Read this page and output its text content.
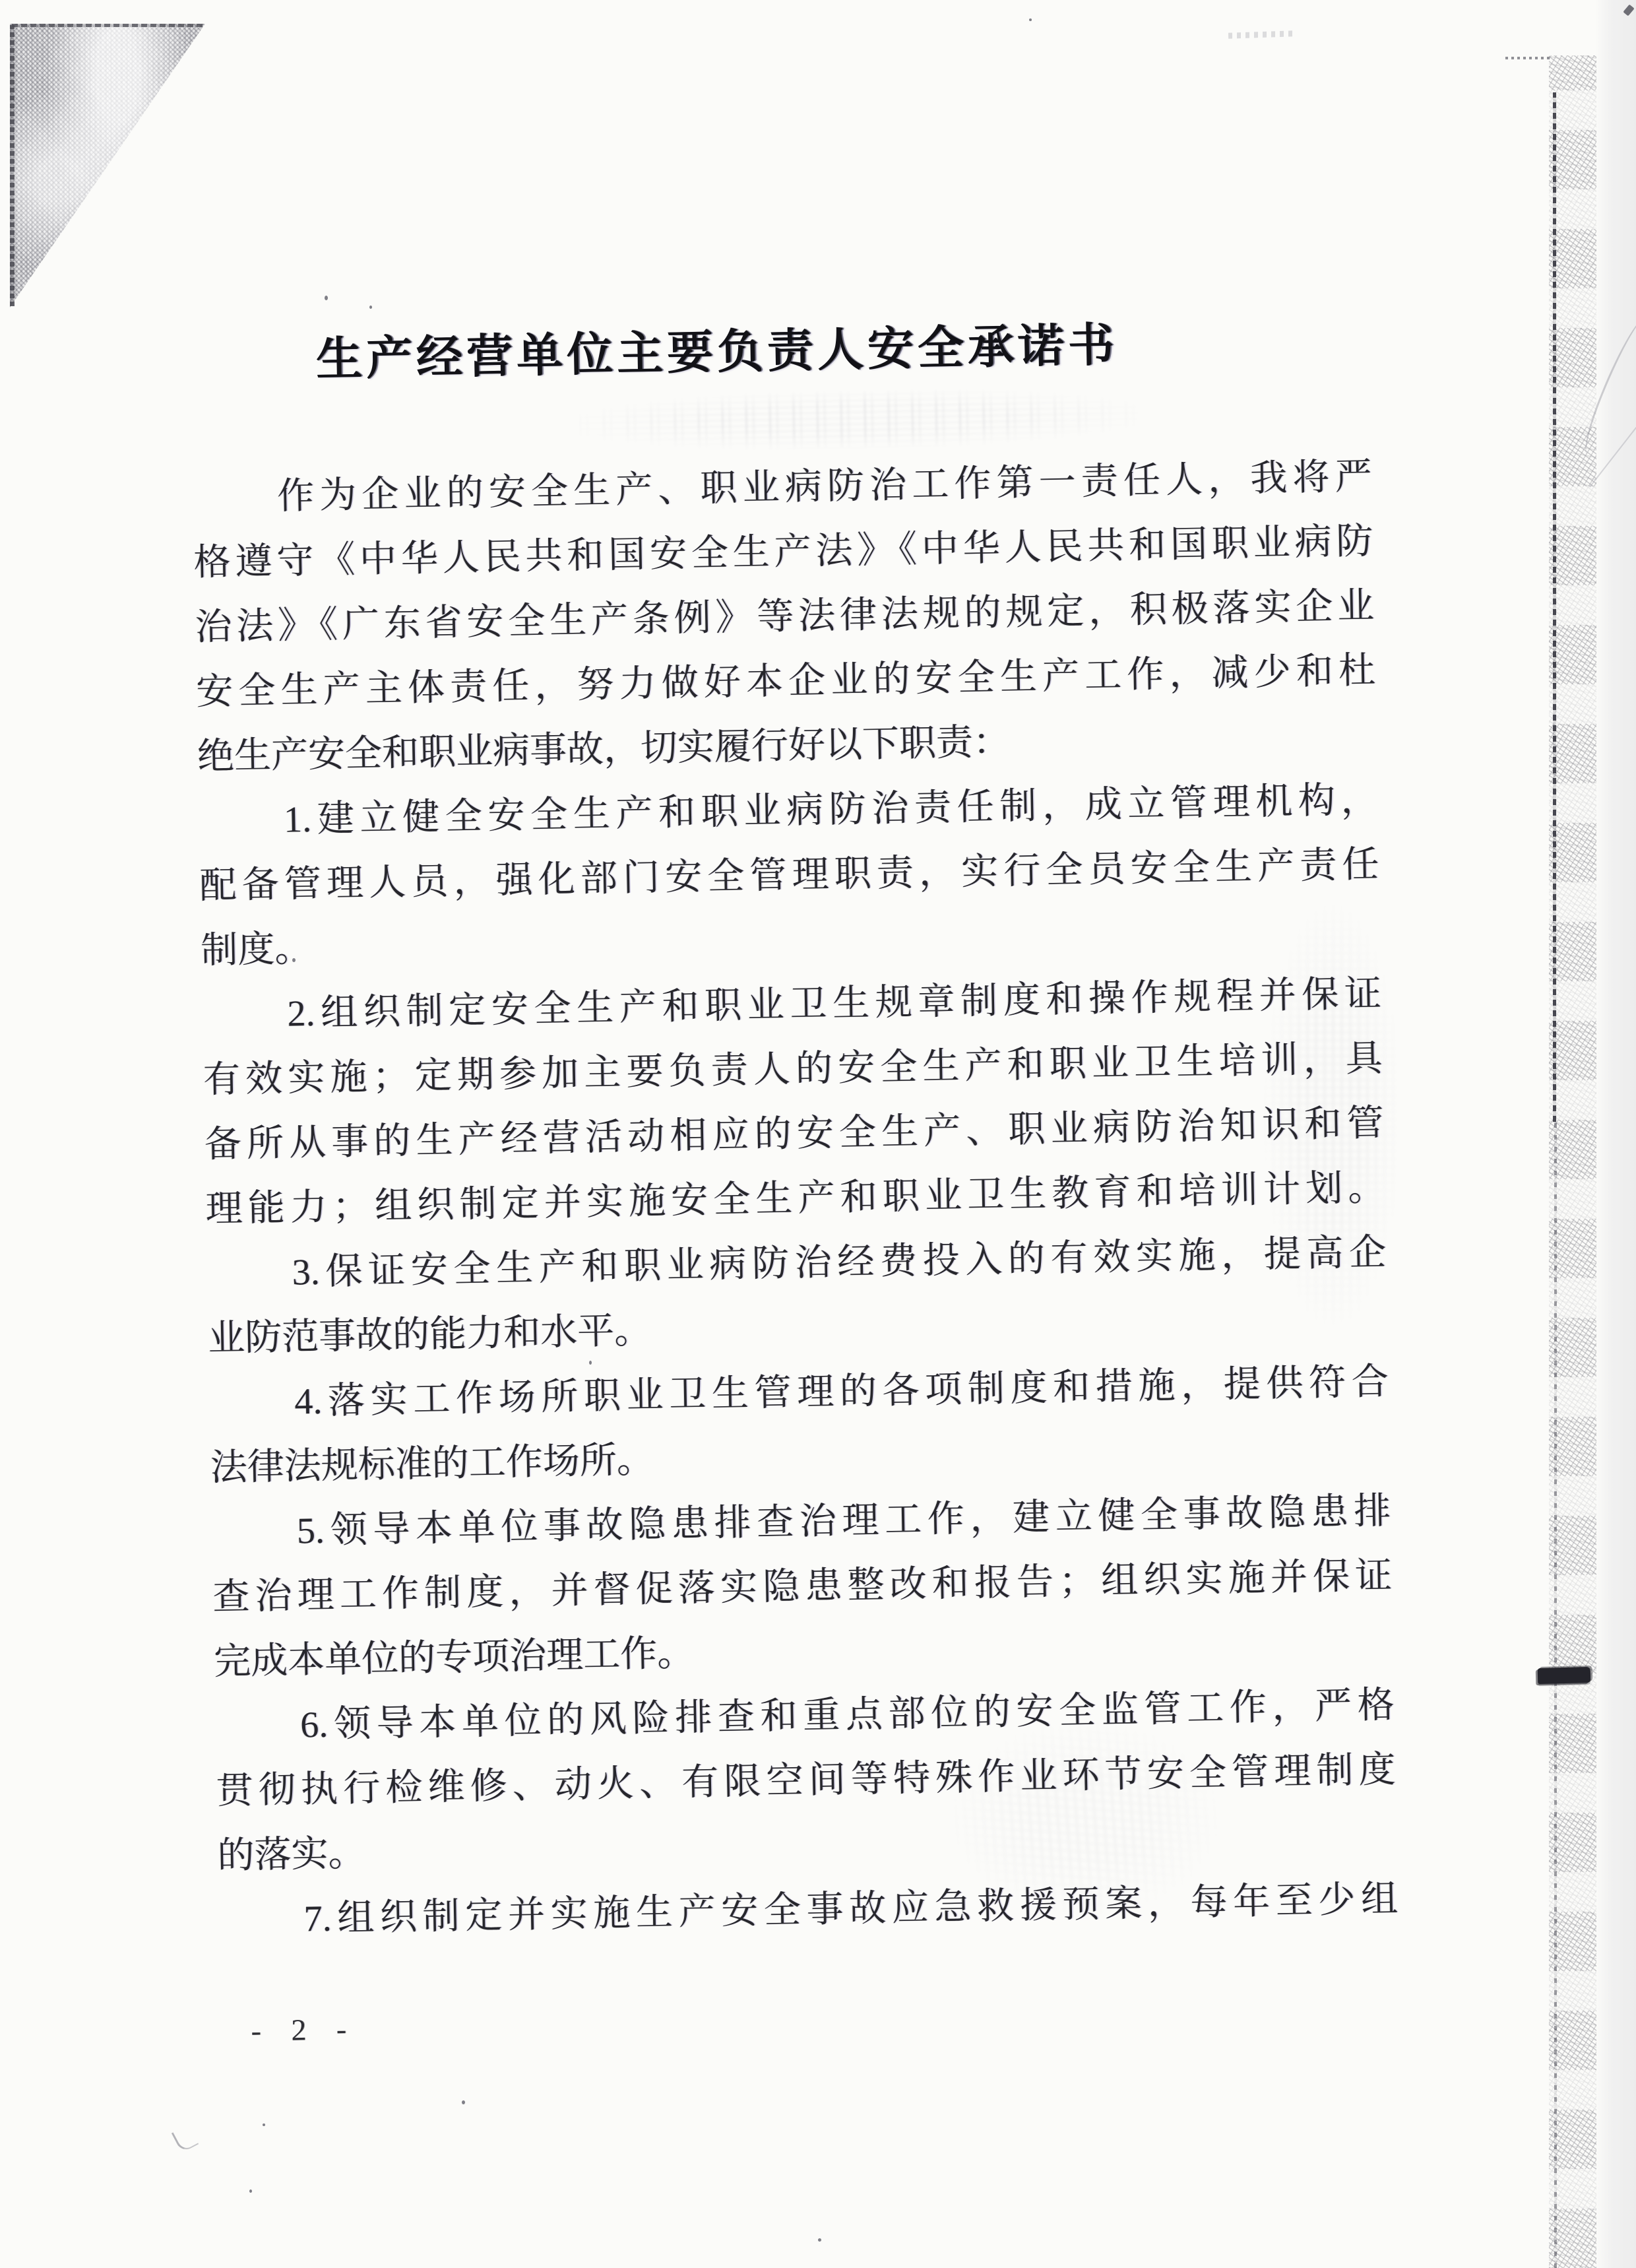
生产经营单位主要负责人安全承诺书
　　作为企业的安全生产、职业病防治工作第一责任人，我将严
格遵守《中华人民共和国安全生产法》《中华人民共和国职业病防
治法》《广东省安全生产条例》等法律法规的规定，积极落实企业
安全生产主体责任，努力做好本企业的安全生产工作，减少和杜
绝生产安全和职业病事故，切实履行好以下职责：
　　1.建立健全安全生产和职业病防治责任制，成立管理机构，
配备管理人员，强化部门安全管理职责，实行全员安全生产责任
制度。
　　2.组织制定安全生产和职业卫生规章制度和操作规程并保证
有效实施；定期参加主要负责人的安全生产和职业卫生培训，具
备所从事的生产经营活动相应的安全生产、职业病防治知识和管
理能力；组织制定并实施安全生产和职业卫生教育和培训计划。
　　3.保证安全生产和职业病防治经费投入的有效实施，提高企
业防范事故的能力和水平。
　　4.落实工作场所职业卫生管理的各项制度和措施，提供符合
法律法规标准的工作场所。
　　5.领导本单位事故隐患排查治理工作，建立健全事故隐患排
查治理工作制度，并督促落实隐患整改和报告；组织实施并保证
完成本单位的专项治理工作。
　　6.领导本单位的风险排查和重点部位的安全监管工作，严格
贯彻执行检维修、动火、有限空间等特殊作业环节安全管理制度
的落实。
　　7.组织制定并实施生产安全事故应急救援预案，每年至少组
- 2 -
